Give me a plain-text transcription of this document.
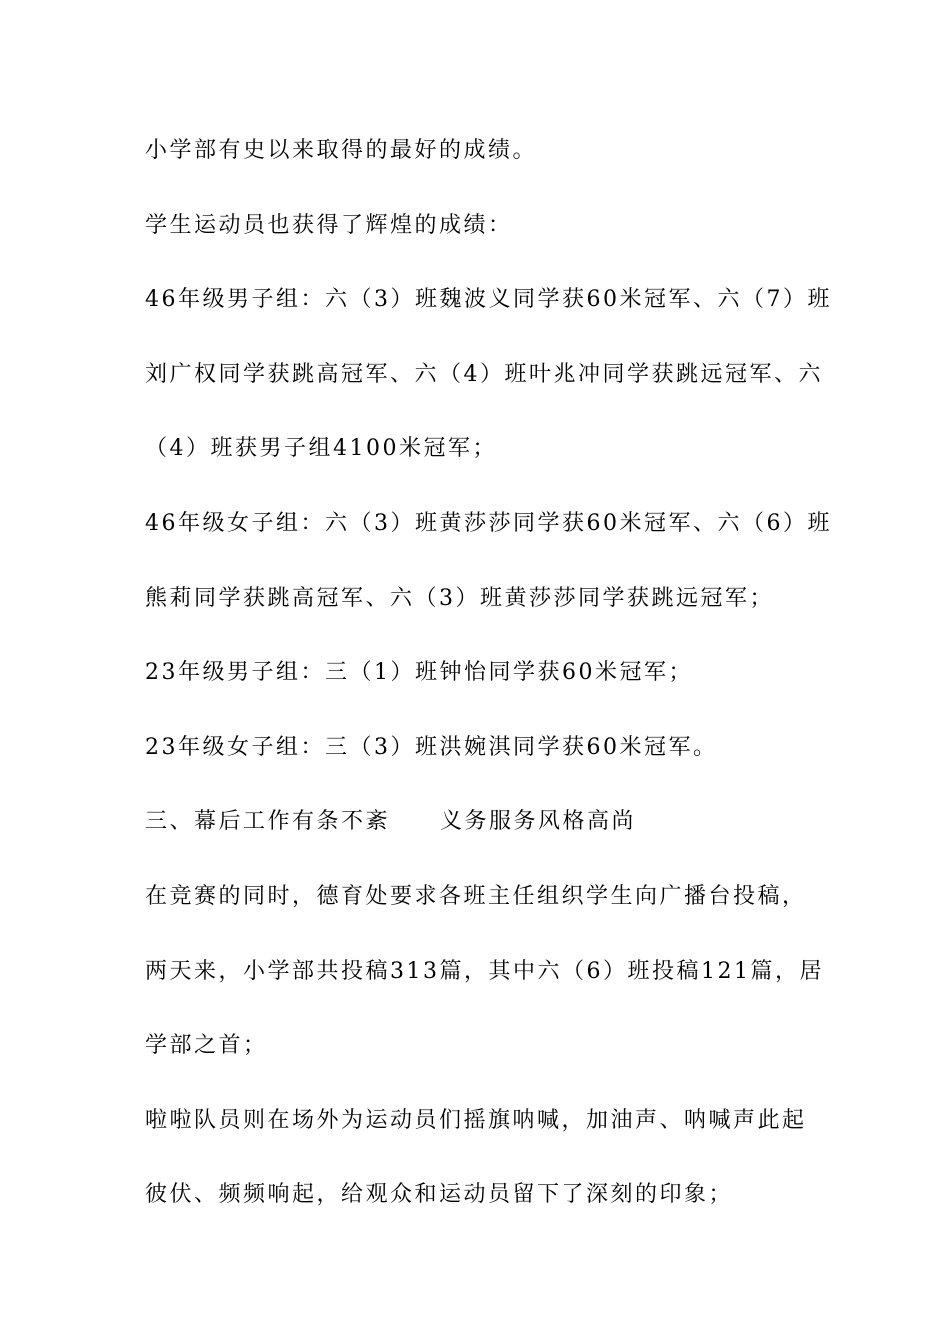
小学部有史以来取得的最好的成绩。
学生运动员也获得了辉煌的成绩：
46年级男子组：六（3）班魏波义同学获60米冠军、六（7）班
刘广权同学获跳高冠军、六（4）班叶兆冲同学获跳远冠军、六
（4）班获男子组4100米冠军；
46年级女子组：六（3）班黄莎莎同学获60米冠军、六（6）班
熊莉同学获跳高冠军、六（3）班黄莎莎同学获跳远冠军；
23年级男子组：三（1）班钟怡同学获60米冠军；
23年级女子组：三（3）班洪婉淇同学获60米冠军。
三、幕后工作有条不紊 义务服务风格高尚
在竞赛的同时，德育处要求各班主任组织学生向广播台投稿，
两天来，小学部共投稿313篇，其中六（6）班投稿121篇，居
学部之首；
啦啦队员则在场外为运动员们摇旗呐喊，加油声、呐喊声此起
彼伏、频频响起，给观众和运动员留下了深刻的印象；
